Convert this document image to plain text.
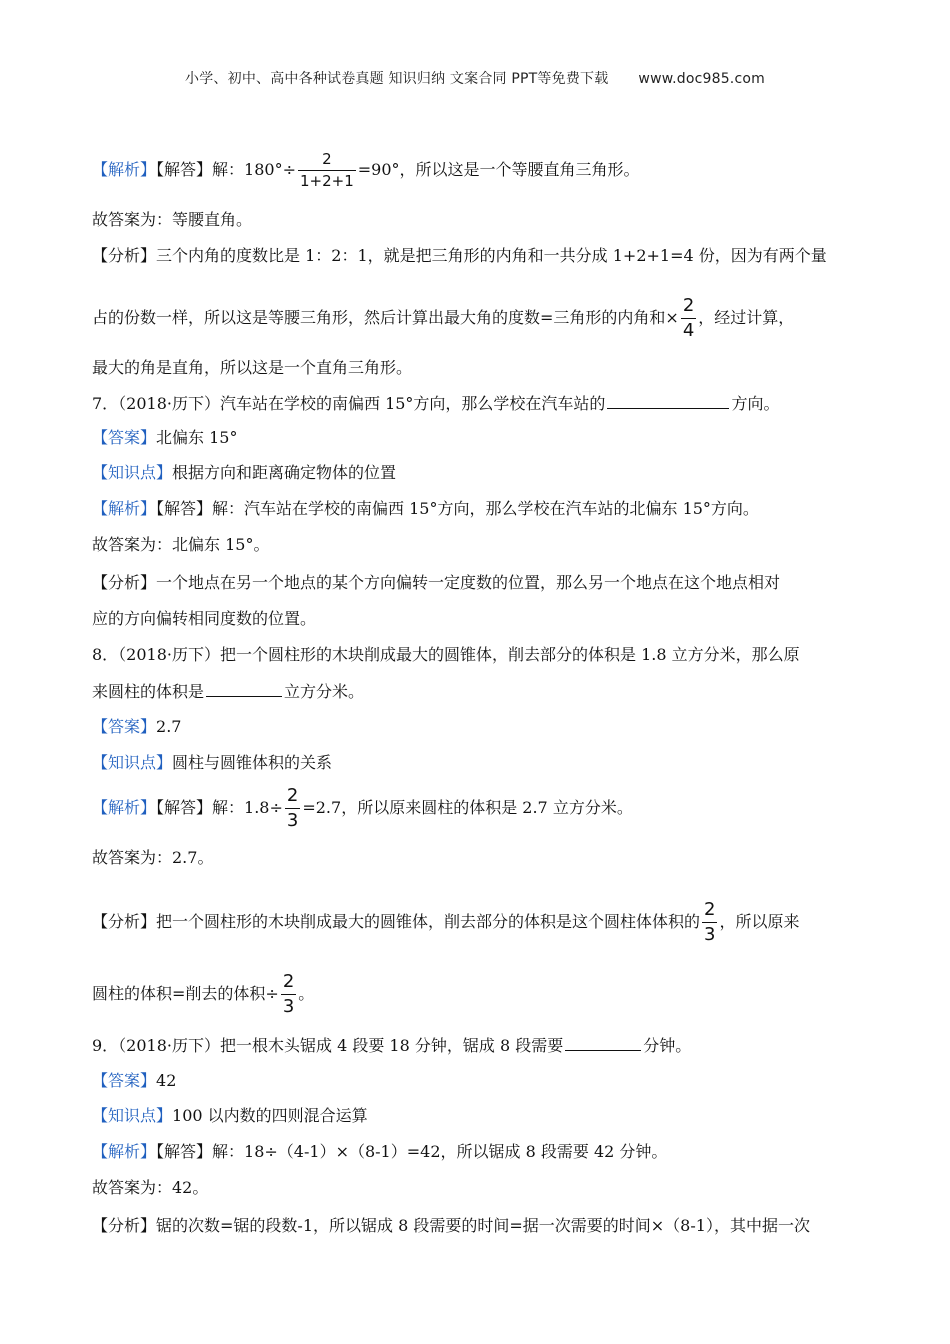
小学、初中、高中各种试卷真题 知识归纳 文案合同 PPT等免费下载 www.doc985.com
【解析】【解答】解：$180^\circ\div \frac{2}{1+2+1} =90^\circ$，所以这是一个等腰直角三角形。
故答案为：等腰直角。
【分析】三个内角的度数比是 1：2：1，就是把三角形的内角和一共分成 1+2+1=4 份，因为有两个量
占的份数一样，所以这是等腰三角形，然后计算出最大角的度数=三角形的内角和× $\frac{2}{4}$ ，经过计算，
最大的角是直角，所以这是一个直角三角形。
7．（2018·历下）汽车站在学校的南偏西 15°方向，那么学校在汽车站的	方向。
【答案】北偏东 15°
【知识点】根据方向和距离确定物体的位置
【解析】【解答】解：汽车站在学校的南偏西 15°方向，那么学校在汽车站的北偏东 15°方向。
故答案为：北偏东 15°。
【分析】一个地点在另一个地点的某个方向偏转一定度数的位置，那么另一个地点在这个地点相对
应的方向偏转相同度数的位置。
8．（2018·历下）把一个圆柱形的木块削成最大的圆锥体，削去部分的体积是 1.8 立方分米，那么原
来圆柱的体积是	立方分米。
【答案】2.7
【知识点】圆柱与圆锥体积的关系
【解析】【解答】解：$1.8\div \frac{2}{3} =2.7$，所以原来圆柱的体积是 2.7 立方分米。
故答案为：2.7。
【分析】把一个圆柱形的木块削成最大的圆锥体，削去部分的体积是这个圆柱体体积的 $\frac{2}{3}$ ，所以原来
圆柱的体积=削去的体积÷ $\frac{2}{3}$ 。
9．（2018·历下）把一根木头锯成 4 段要 18 分钟，锯成 8 段需要	分钟。
【答案】42
【知识点】100 以内数的四则混合运算
【解析】【解答】解：18÷（4-1）×（8-1）=42，所以锯成 8 段需要 42 分钟。
故答案为：42。
【分析】锯的次数=锯的段数-1，所以锯成 8 段需要的时间=据一次需要的时间×（8-1），其中据一次
